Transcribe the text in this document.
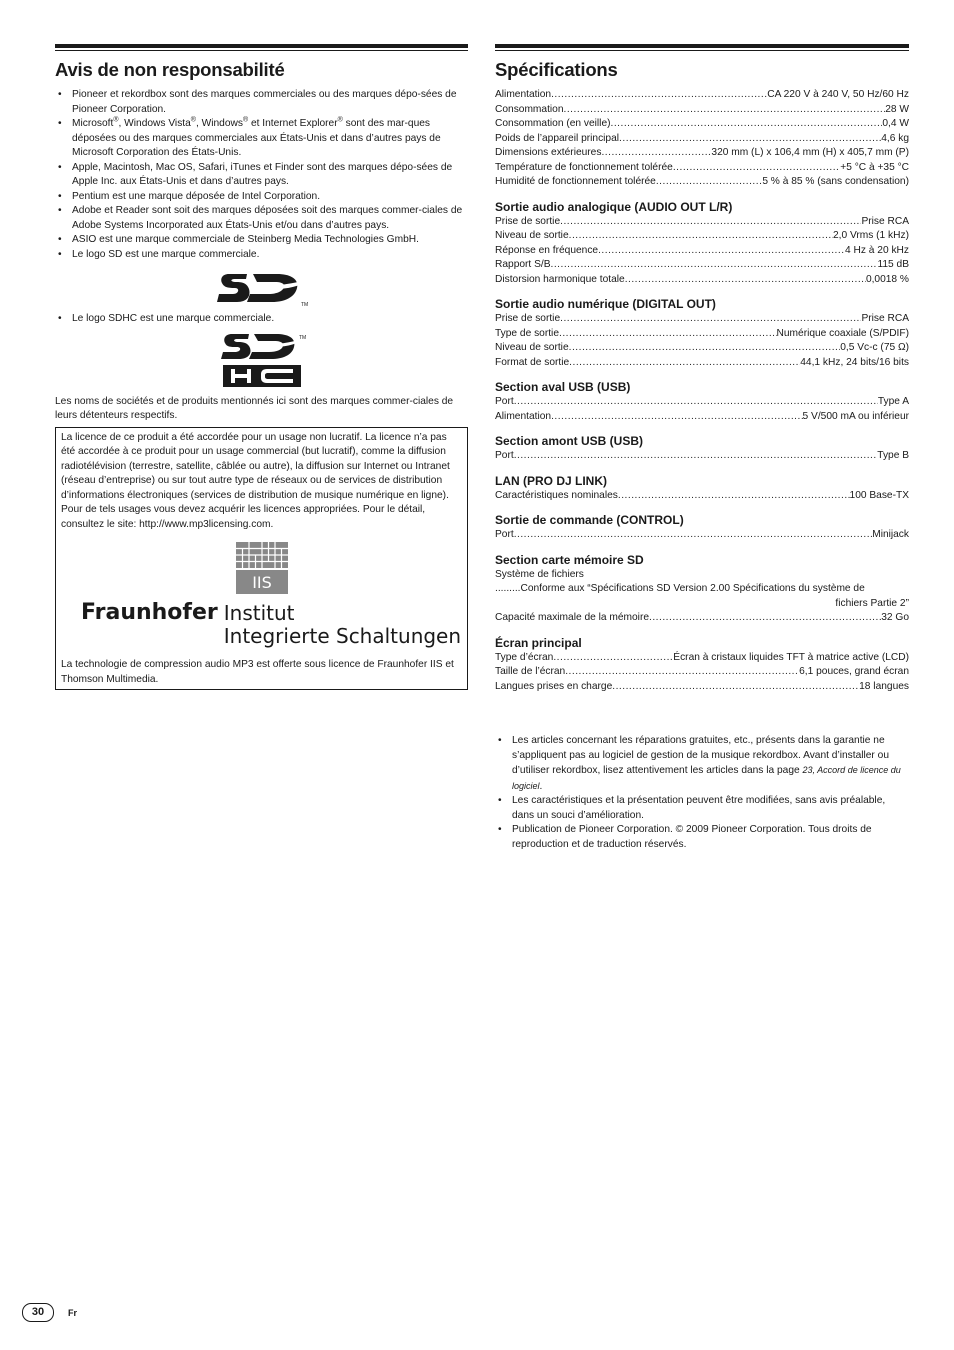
Avis de non responsabilité
• Pioneer et rekordbox sont des marques commerciales ou des marques dépo-sées de Pioneer Corporation.
• Microsoft®, Windows Vista®, Windows® et Internet Explorer® sont des mar-ques déposées ou des marques commerciales aux États-Unis et dans d’autres pays de Microsoft Corporation des États-Unis.
• Apple, Macintosh, Mac OS, Safari, iTunes et Finder sont des marques dépo-sées de Apple Inc. aux États-Unis et dans d’autres pays.
• Pentium est une marque déposée de Intel Corporation.
• Adobe et Reader sont soit des marques déposées soit des marques commer-ciales de Adobe Systems Incorporated aux États-Unis et/ou dans d’autres pays.
• ASIO est une marque commerciale de Steinberg Media Technologies GmbH.
• Le logo SD est une marque commerciale.
TM
• Le logo SDHC est une marque commerciale.
TM

Les noms de sociétés et de produits mentionnés ici sont des marques commer-ciales de leurs détenteurs respectifs.

La licence de ce produit a été accordée pour un usage non lucratif. La licence n’a pas été accordée à ce produit pour un usage commercial (but lucratif), comme la diffusion radiotélévision (terrestre, satellite, câblée ou autre), la diffusion sur Internet ou Intranet (réseau d’entreprise) ou sur tout autre type de réseaux ou de services de distribution d’informations électroniques (services de distribution de musique numérique en ligne). Pour de tels usages vous devez acquérir les licences appropriées. Pour le détail, consultez le site: http://www.mp3licensing.com.

IIS
Fraunhofer Institut
Integrierte Schaltungen

La technologie de compression audio MP3 est offerte sous licence de Fraunhofer IIS et Thomson Multimedia.

Spécifications
Alimentation .....	CA 220 V à 240 V, 50 Hz/60 Hz
Consommation .....	28 W
Consommation (en veille) .....	0,4 W
Poids de l’appareil principal .....	4,6 kg
Dimensions extérieures .....	320 mm (L) x 106,4 mm (H) x 405,7 mm (P)
Température de fonctionnement tolérée .....	+5 °C à +35 °C
Humidité de fonctionnement tolérée .....	5 % à 85 % (sans condensation)
Sortie audio analogique (AUDIO OUT L/R)
Prise de sortie .....	Prise RCA
Niveau de sortie .....	2,0 Vrms (1 kHz)
Réponse en fréquence .....	4 Hz à 20 kHz
Rapport S/B .....	115 dB
Distorsion harmonique totale .....	0,0018 %
Sortie audio numérique (DIGITAL OUT)
Prise de sortie .....	Prise RCA
Type de sortie .....	Numérique coaxiale (S/PDIF)
Niveau de sortie .....	0,5 Vc-c (75 Ω)
Format de sortie .....	44,1 kHz, 24 bits/16 bits
Section aval USB (USB)
Port .....	Type A
Alimentation .....	5 V/500 mA ou inférieur
Section amont USB (USB)
Port .....	Type B
LAN (PRO DJ LINK)
Caractéristiques nominales .....	100 Base-TX
Sortie de commande (CONTROL)
Port .....	Minijack
Section carte mémoire SD
Système de fichiers
.........Conforme aux “Spécifications SD Version 2.00 Spécifications du système de
fichiers Partie 2”
Capacité maximale de la mémoire .....	32 Go
Écran principal
Type d’écran .....	Écran à cristaux liquides TFT à matrice active (LCD)
Taille de l’écran .....	6,1 pouces, grand écran
Langues prises en charge .....	18 langues
• Les articles concernant les réparations gratuites, etc., présents dans la garantie ne s’appliquent pas au logiciel de gestion de la musique rekordbox. Avant d’installer ou d’utiliser rekordbox, lisez attentivement les articles dans la page 23, Accord de licence du logiciel.
• Les caractéristiques et la présentation peuvent être modifiées, sans avis préalable, dans un souci d’amélioration.
• Publication de Pioneer Corporation. © 2009 Pioneer Corporation. Tous droits de reproduction et de traduction réservés.
30	Fr
